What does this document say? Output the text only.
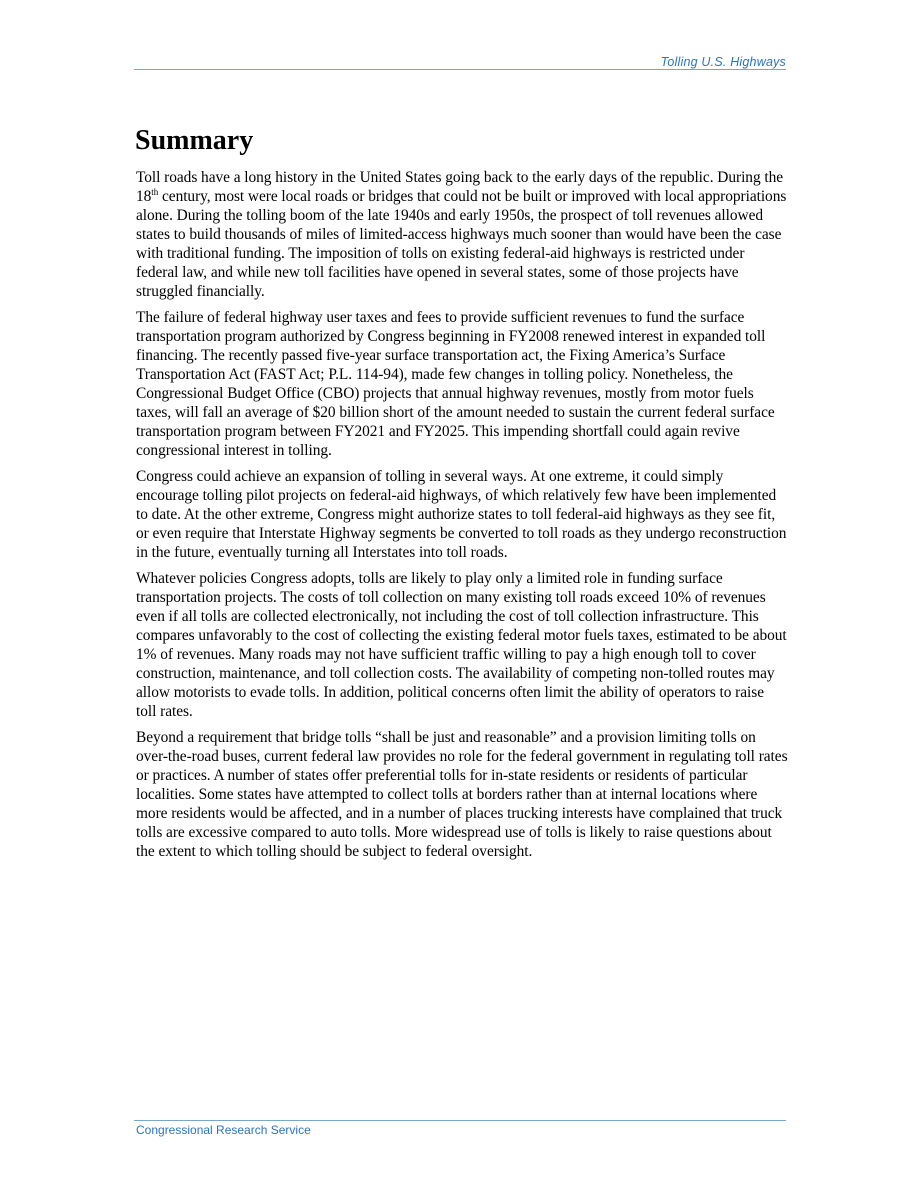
Tolling U.S. Highways
Summary

Toll roads have a long history in the United States going back to the early days of the republic. During the 18th century, most were local roads or bridges that could not be built or improved with local appropriations alone. During the tolling boom of the late 1940s and early 1950s, the prospect of toll revenues allowed states to build thousands of miles of limited-access highways much sooner than would have been the case with traditional funding. The imposition of tolls on existing federal-aid highways is restricted under federal law, and while new toll facilities have opened in several states, some of those projects have struggled financially.

The failure of federal highway user taxes and fees to provide sufficient revenues to fund the surface transportation program authorized by Congress beginning in FY2008 renewed interest in expanded toll financing. The recently passed five-year surface transportation act, the Fixing America’s Surface Transportation Act (FAST Act; P.L. 114-94), made few changes in tolling policy. Nonetheless, the Congressional Budget Office (CBO) projects that annual highway revenues, mostly from motor fuels taxes, will fall an average of $20 billion short of the amount needed to sustain the current federal surface transportation program between FY2021 and FY2025. This impending shortfall could again revive congressional interest in tolling.

Congress could achieve an expansion of tolling in several ways. At one extreme, it could simply encourage tolling pilot projects on federal-aid highways, of which relatively few have been implemented to date. At the other extreme, Congress might authorize states to toll federal-aid highways as they see fit, or even require that Interstate Highway segments be converted to toll roads as they undergo reconstruction in the future, eventually turning all Interstates into toll roads.

Whatever policies Congress adopts, tolls are likely to play only a limited role in funding surface transportation projects. The costs of toll collection on many existing toll roads exceed 10% of revenues even if all tolls are collected electronically, not including the cost of toll collection infrastructure. This compares unfavorably to the cost of collecting the existing federal motor fuels taxes, estimated to be about 1% of revenues. Many roads may not have sufficient traffic willing to pay a high enough toll to cover construction, maintenance, and toll collection costs. The availability of competing non-tolled routes may allow motorists to evade tolls. In addition, political concerns often limit the ability of operators to raise toll rates.

Beyond a requirement that bridge tolls “shall be just and reasonable” and a provision limiting tolls on over-the-road buses, current federal law provides no role for the federal government in regulating toll rates or practices. A number of states offer preferential tolls for in-state residents or residents of particular localities. Some states have attempted to collect tolls at borders rather than at internal locations where more residents would be affected, and in a number of places trucking interests have complained that truck tolls are excessive compared to auto tolls. More widespread use of tolls is likely to raise questions about the extent to which tolling should be subject to federal oversight.

Congressional Research Service
